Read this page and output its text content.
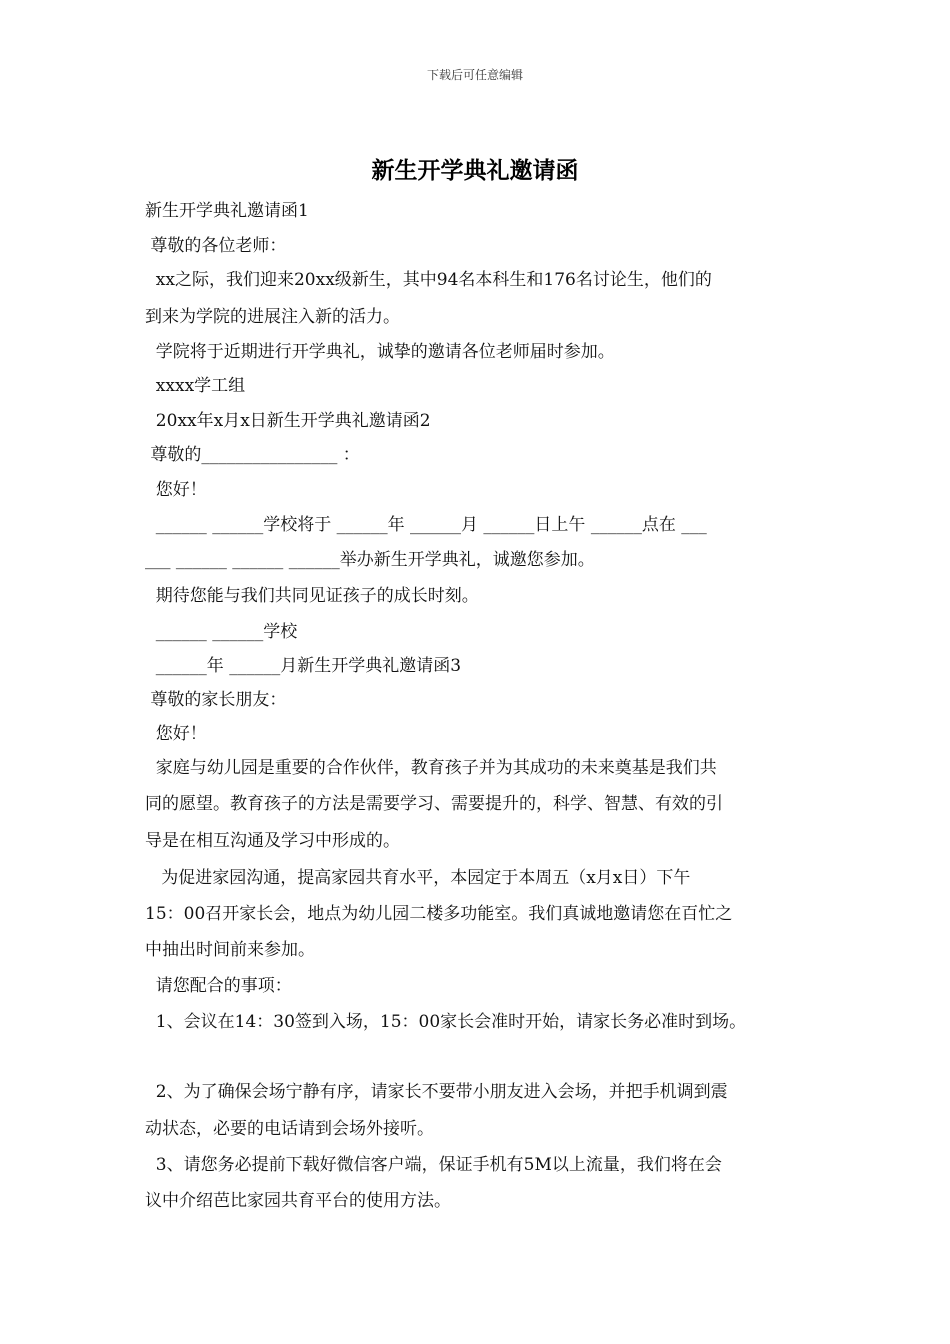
下载后可任意编辑
新生开学典礼邀请函
新生开学典礼邀请函1
尊敬的各位老师：
xx之际，我们迎来20xx级新生，其中94名本科生和176名讨论生，他们的
到来为学院的进展注入新的活力。
学院将于近期进行开学典礼，诚挚的邀请各位老师届时参加。
xxxx学工组
20xx年x月x日新生开学典礼邀请函2
尊敬的________________ ：
您好！
______ ______学校将于 ______年 ______月 ______日上午 ______点在 ___
___ ______ ______ ______举办新生开学典礼，诚邀您参加。
期待您能与我们共同见证孩子的成长时刻。
______ ______学校
______年 ______月新生开学典礼邀请函3
尊敬的家长朋友：
您好！
家庭与幼儿园是重要的合作伙伴，教育孩子并为其成功的未来奠基是我们共
同的愿望。教育孩子的方法是需要学习、需要提升的，科学、智慧、有效的引
导是在相互沟通及学习中形成的。
为促进家园沟通，提高家园共育水平，本园定于本周五（x月x日）下午
15：00召开家长会，地点为幼儿园二楼多功能室。我们真诚地邀请您在百忙之
中抽出时间前来参加。
请您配合的事项：
1、会议在14：30签到入场，15：00家长会准时开始，请家长务必准时到场。
2、为了确保会场宁静有序，请家长不要带小朋友进入会场，并把手机调到震
动状态，必要的电话请到会场外接听。
3、请您务必提前下载好微信客户端，保证手机有5M以上流量，我们将在会
议中介绍芭比家园共育平台的使用方法。
